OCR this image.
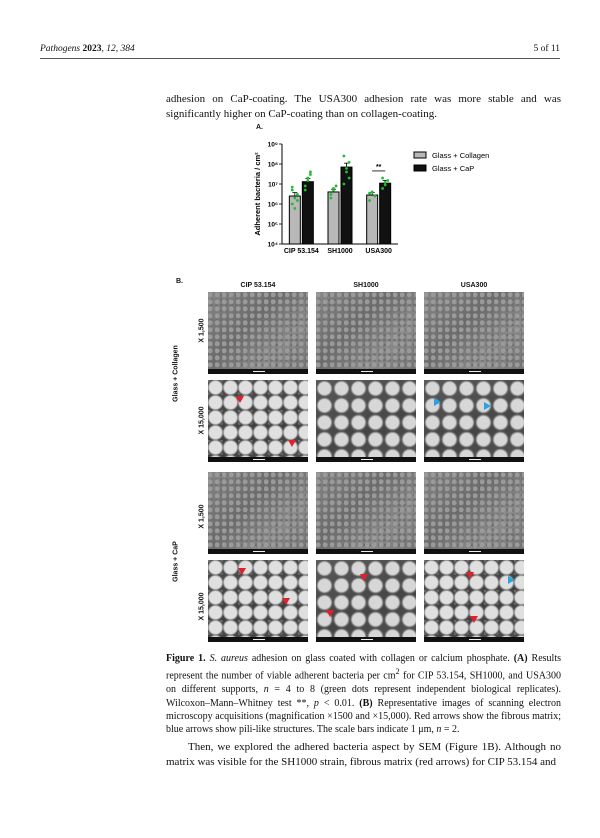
Pathogens 2023, 12, 384	5 of 11
adhesion on CaP-coating. The USA300 adhesion rate was more stable and was significantly higher on CaP-coating than on collagen-coating.
A.
10⁴
10⁵
10⁶
10⁷
10⁸
10⁹
Adherent bacteria / cm²
CIP 53.154 SH1000 USA300
**
Glass + Collagen
Glass + CaP
B.
CIP 53.154	SH1000	USA300
Glass + Collagen
Glass + CaP
X 1,500
X 15,000
X 1,500
X 15,000
Figure 1. S. aureus adhesion on glass coated with collagen or calcium phosphate. (A) Results represent the number of viable adherent bacteria per $cm^2$ for CIP 53.154, SH1000, and USA300 on different supports, n = 4 to 8 (green dots represent independent biological replicates). Wilcoxon–Mann–Whitney test **, p < 0.01. (B) Representative images of scanning electron microscopy acquisitions (magnification ×1500 and ×15,000). Red arrows show the fibrous matrix; blue arrows show pili-like structures. The scale bars indicate 1 μm, n = 2.
Then, we explored the adhered bacteria aspect by SEM (Figure 1B). Although no matrix was visible for the SH1000 strain, fibrous matrix (red arrows) for CIP 53.154 and
